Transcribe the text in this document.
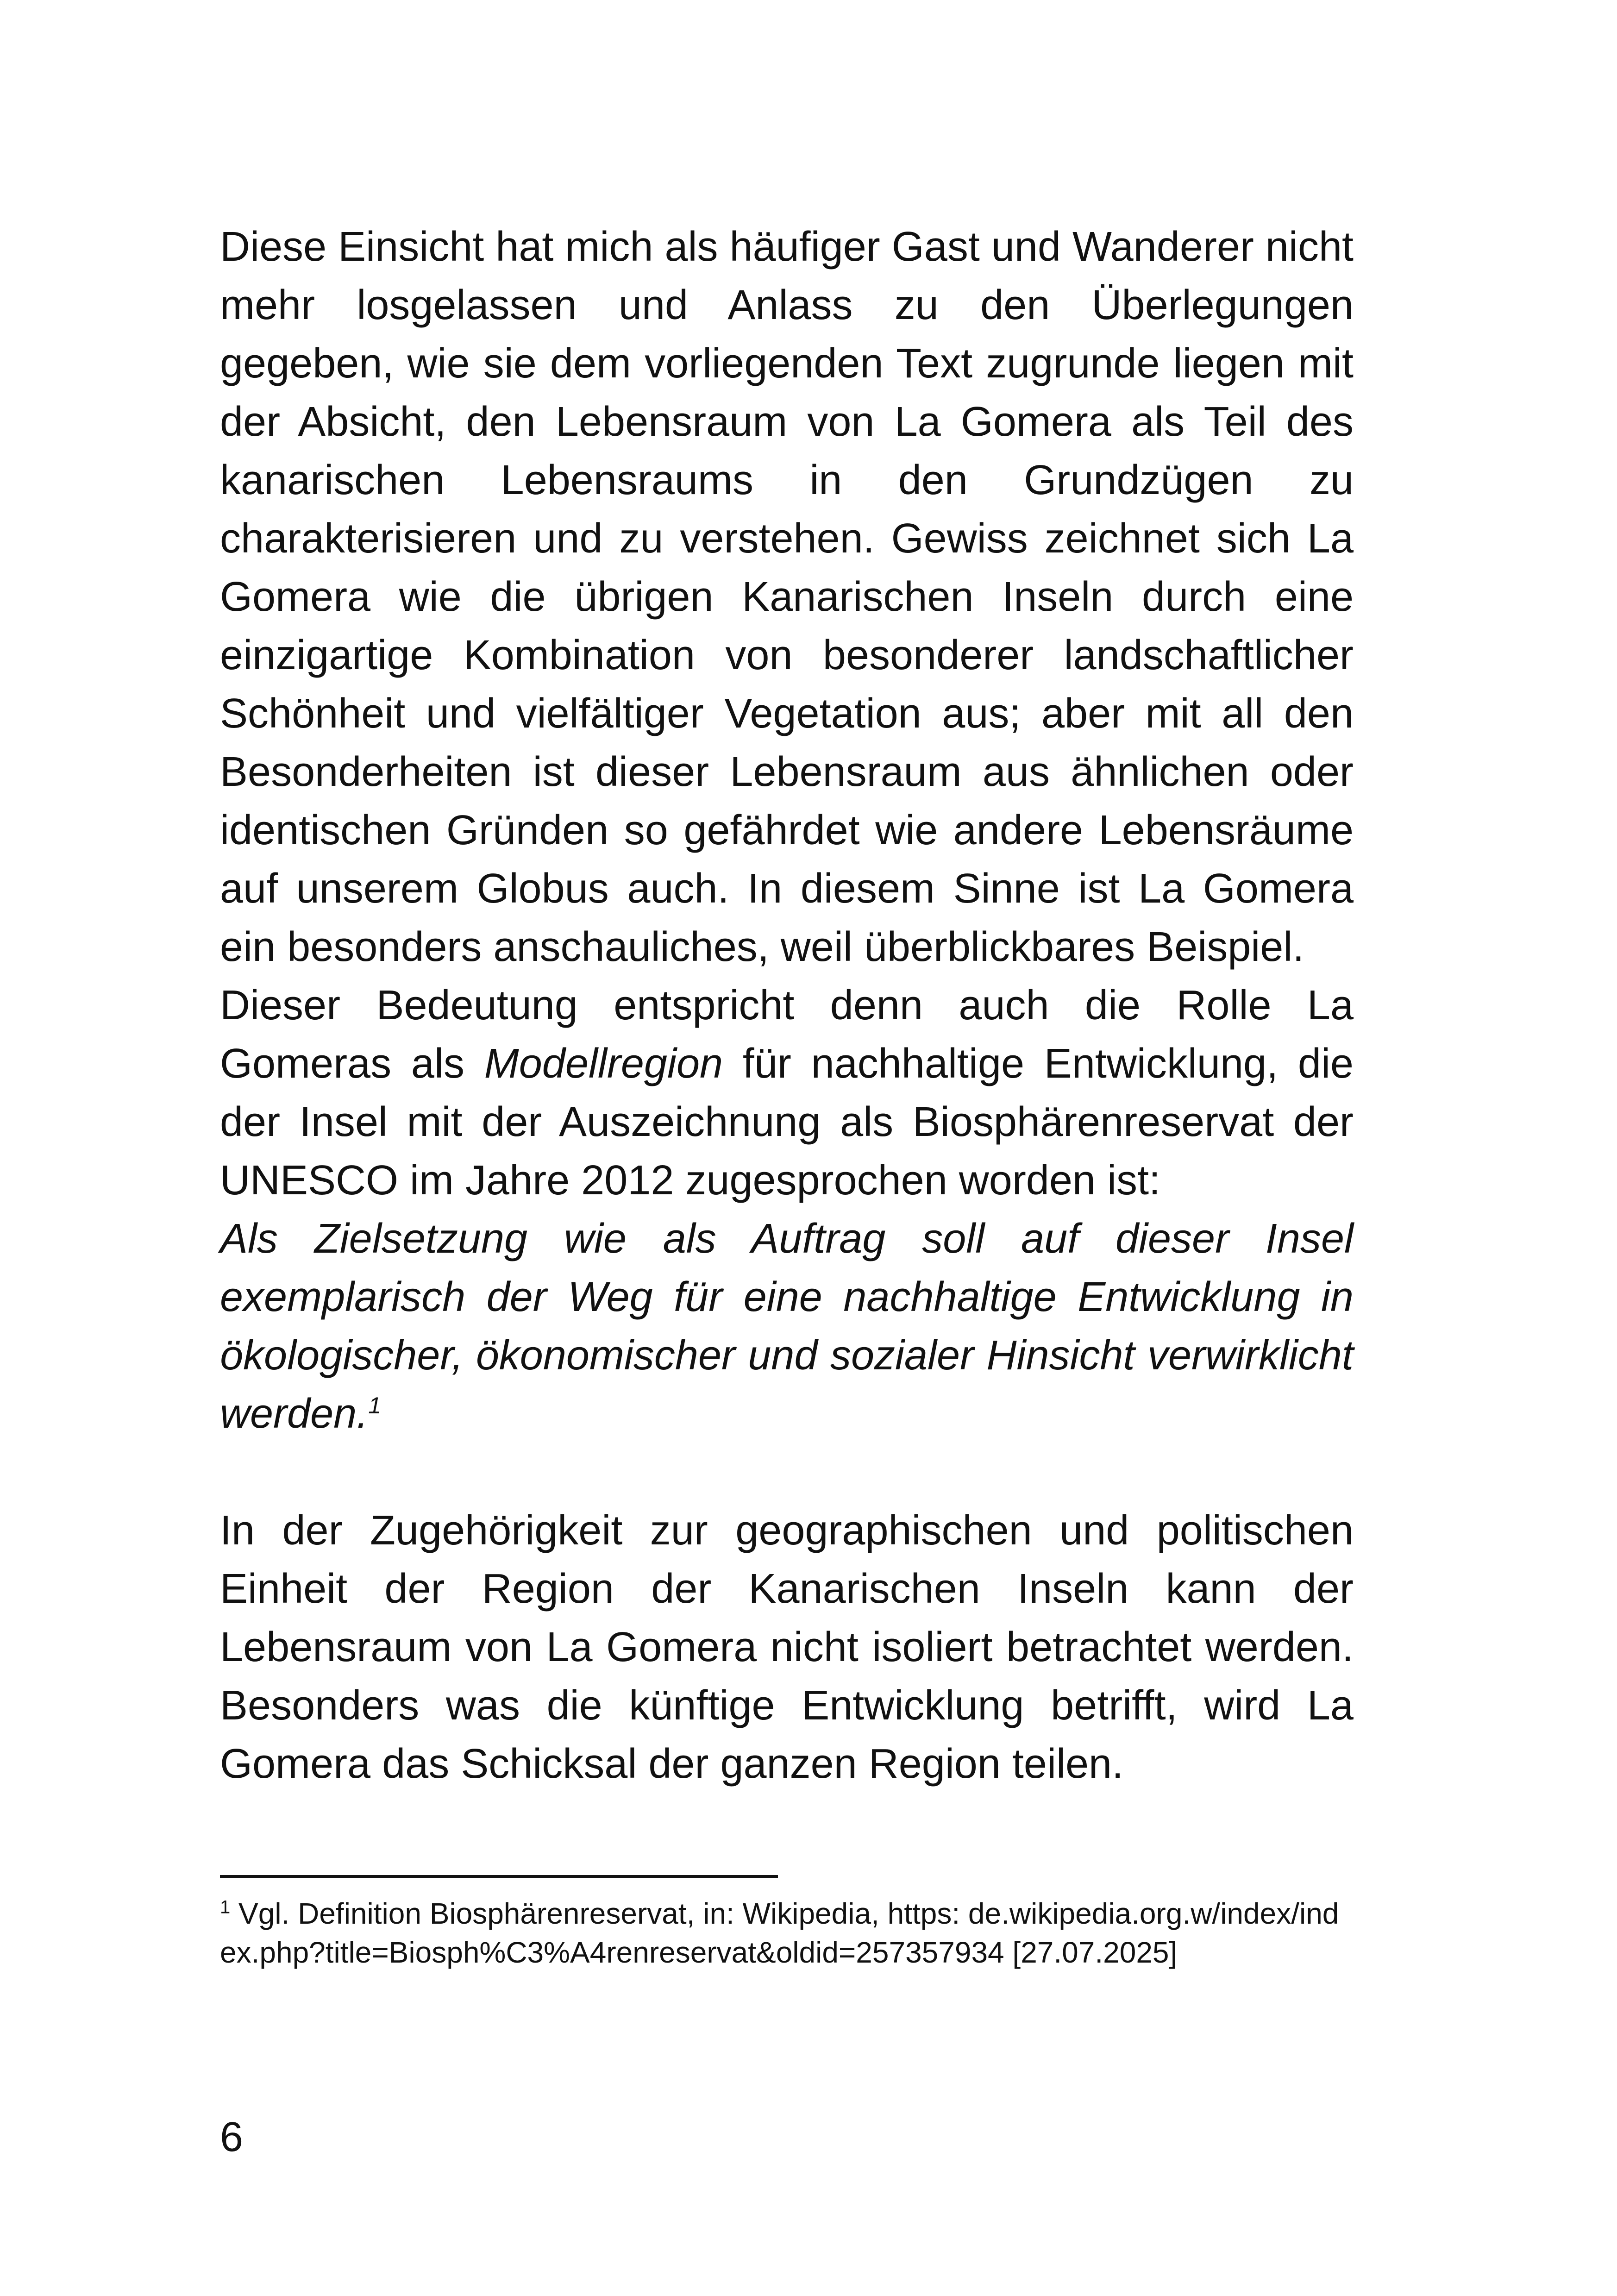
Diese Einsicht hat mich als häufiger Gast und Wanderer nicht mehr losgelassen und Anlass zu den Überlegungen gegeben, wie sie dem vorliegenden Text zugrunde liegen mit der Absicht, den Lebensraum von La Gomera als Teil des kanarischen Lebensraums in den Grundzügen zu charakterisieren und zu verstehen. Gewiss zeichnet sich La Gomera wie die übrigen Kanarischen Inseln durch eine einzigartige Kombination von besonderer landschaftlicher Schönheit und vielfältiger Vegetation aus; aber mit all den Besonderheiten ist dieser Lebensraum aus ähnlichen oder identischen Gründen so gefährdet wie andere Lebensräume auf unserem Globus auch. In diesem Sinne ist La Gomera ein besonders anschauliches, weil überblickbares Beispiel.

Dieser Bedeutung entspricht denn auch die Rolle La Gomeras als Modellregion für nachhaltige Entwicklung, die der Insel mit der Auszeichnung als Biosphärenreservat der UNESCO im Jahre 2012 zugesprochen worden ist:

Als Zielsetzung wie als Auftrag soll auf dieser Insel exemplarisch der Weg für eine nachhaltige Entwicklung in ökologischer, ökonomischer und sozialer Hinsicht verwirklicht werden.$^1$

In der Zugehörigkeit zur geographischen und politischen Einheit der Region der Kanarischen Inseln kann der Lebensraum von La Gomera nicht isoliert betrachtet werden. Besonders was die künftige Entwicklung betrifft, wird La Gomera das Schicksal der ganzen Region teilen.

$^1$ Vgl. Definition Biosphärenreservat, in: Wikipedia, https: de.wikipedia.org.w/index/index.php?title=Biosph%C3%A4renreservat&oldid=257357934 [27.07.2025]
6
